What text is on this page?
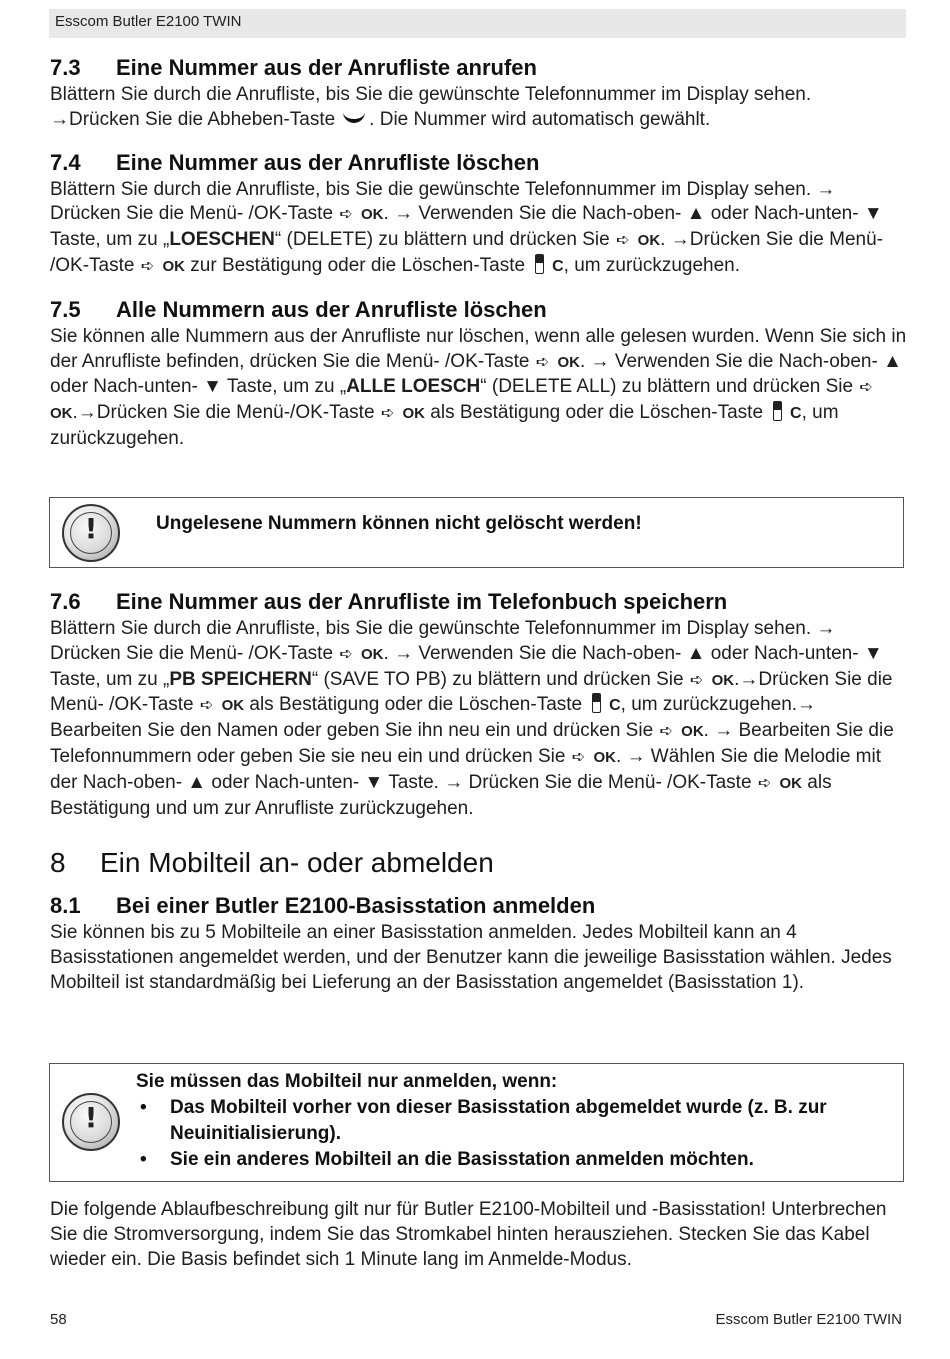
Esscom Butler E2100 TWIN
7.3 Eine Nummer aus der Anrufliste anrufen

Blättern Sie durch die Anrufliste, bis Sie die gewünschte Telefonnummer im Display sehen.
→Drücken Sie die Abheben-Taste . Die Nummer wird automatisch gewählt.

7.4 Eine Nummer aus der Anrufliste löschen

Blättern Sie durch die Anrufliste, bis Sie die gewünschte Telefonnummer im Display sehen. → Drücken Sie die Menü- /OK-Taste ➪ OK. → Verwenden Sie die Nach-oben- ▲ oder Nach-unten- ▼ Taste, um zu „LOESCHEN“ (DELETE) zu blättern und drücken Sie ➪ OK. →Drücken Sie die Menü- /OK-Taste ➪ OK zur Bestätigung oder die Löschen-Taste C, um zurückzugehen.

7.5 Alle Nummern aus der Anrufliste löschen

Sie können alle Nummern aus der Anrufliste nur löschen, wenn alle gelesen wurden. Wenn Sie sich in der Anrufliste befinden, drücken Sie die Menü- /OK-Taste ➪ OK. → Verwenden Sie die Nach-oben- ▲ oder Nach-unten- ▼ Taste, um zu „ALLE LOESCH“ (DELETE ALL) zu blättern und drücken Sie ➪OK.→Drücken Sie die Menü-/OK-Taste ➪ OK als Bestätigung oder die Löschen-Taste C, um zurückzugehen.

!	Ungelesene Nummern können nicht gelöscht werden!
7.6 Eine Nummer aus der Anrufliste im Telefonbuch speichern

Blättern Sie durch die Anrufliste, bis Sie die gewünschte Telefonnummer im Display sehen. → Drücken Sie die Menü- /OK-Taste ➪ OK. → Verwenden Sie die Nach-oben- ▲ oder Nach-unten- ▼ Taste, um zu „PB SPEICHERN“ (SAVE TO PB) zu blättern und drücken Sie ➪ OK.→Drücken Sie die Menü- /OK-Taste ➪ OK als Bestätigung oder die Löschen-Taste C, um zurückzugehen.→ Bearbeiten Sie den Namen oder geben Sie ihn neu ein und drücken Sie ➪ OK. → Bearbeiten Sie die Telefonnummern oder geben Sie sie neu ein und drücken Sie ➪ OK. → Wählen Sie die Melodie mit der Nach-oben- ▲ oder Nach-unten- ▼ Taste. → Drücken Sie die Menü- /OK-Taste ➪ OK als Bestätigung und um zur Anrufliste zurückzugehen.

8 Ein Mobilteil an- oder abmelden
8.1 Bei einer Butler E2100-Basisstation anmelden

Sie können bis zu 5 Mobilteile an einer Basisstation anmelden. Jedes Mobilteil kann an 4 Basisstationen angemeldet werden, und der Benutzer kann die jeweilige Basisstation wählen. Jedes Mobilteil ist standardmäßig bei Lieferung an der Basisstation angemeldet (Basisstation 1).

!
Sie müssen das Mobilteil nur anmelden, wenn:
• Das Mobilteil vorher von dieser Basisstation abgemeldet wurde (z. B. zur Neuinitialisierung).
• Sie ein anderes Mobilteil an die Basisstation anmelden möchten.

Die folgende Ablaufbeschreibung gilt nur für Butler E2100-Mobilteil und -Basisstation! Unterbrechen Sie die Stromversorgung, indem Sie das Stromkabel hinten herausziehen. Stecken Sie das Kabel wieder ein. Die Basis befindet sich 1 Minute lang im Anmelde-Modus.

58	Esscom Butler E2100 TWIN
